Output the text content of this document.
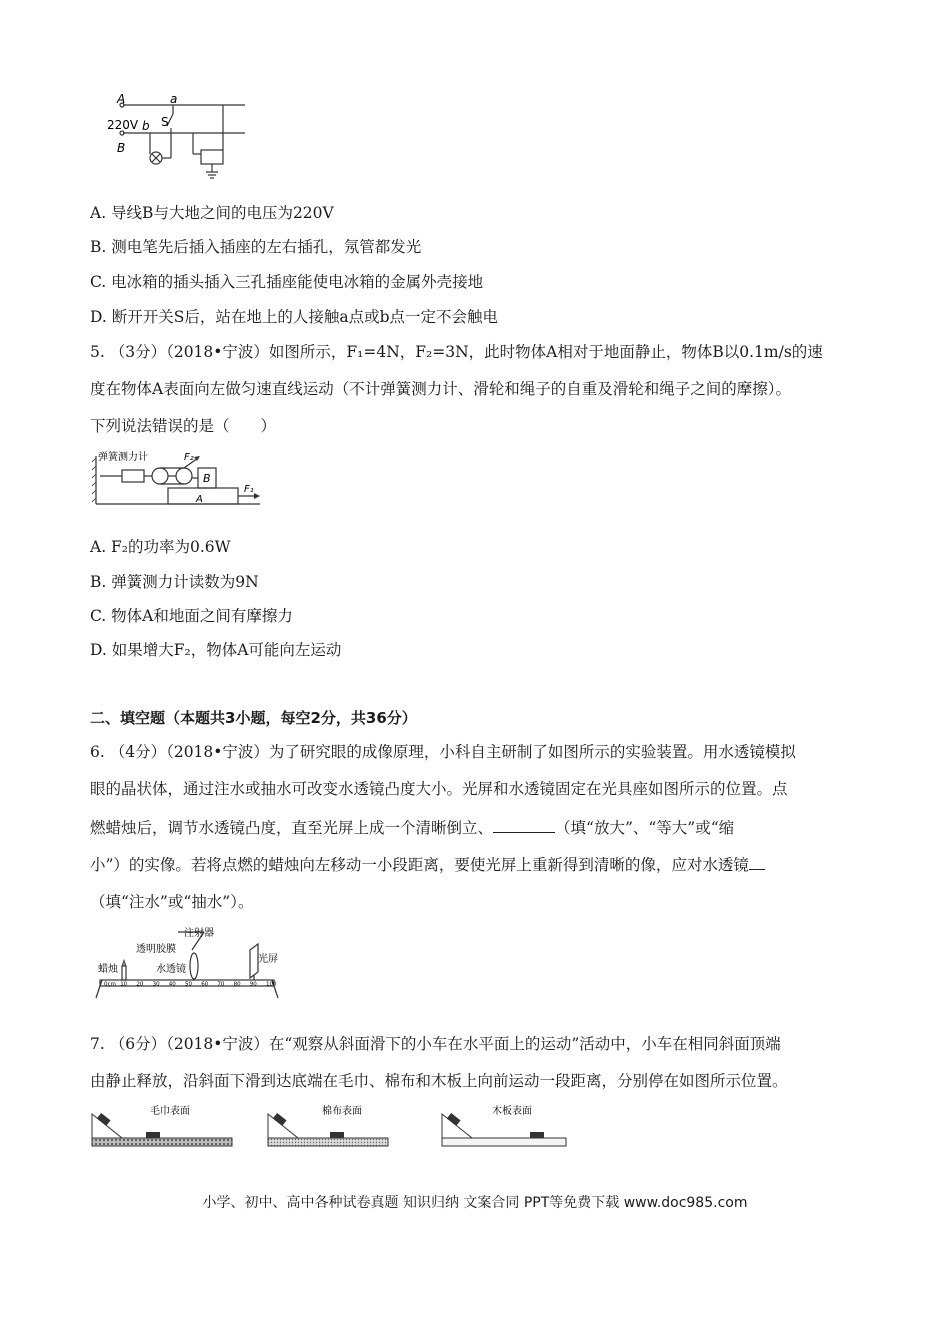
A	a
220V b S
B
A. 导线B与大地之间的电压为220V
B. 测电笔先后插入插座的左右插孔，氖管都发光
C. 电冰箱的插头插入三孔插座能使电冰箱的金属外壳接地
D. 断开开关S后，站在地上的人接触a点或b点一定不会触电
5. （3分）（2018•宁波）如图所示，F₁=4N，F₂=3N，此时物体A相对于地面静止，物体B以0.1m/s的速
度在物体A表面向左做匀速直线运动（不计弹簧测力计、滑轮和绳子的自重及滑轮和绳子之间的摩擦）。
下列说法错误的是（　　）
弹簧测力计	F₂
B
A
F₁
A. F₂的功率为0.6W
B. 弹簧测力计读数为9N
C. 物体A和地面之间有摩擦力
D. 如果增大F₂，物体A可能向左运动
二、填空题（本题共3小题，每空2分，共36分）
6. （4分）（2018•宁波）为了研究眼的成像原理，小科自主研制了如图所示的实验装置。用水透镜模拟
眼的晶状体，通过注水或抽水可改变水透镜凸度大小。光屏和水透镜固定在光具座如图所示的位置。点
燃蜡烛后，调节水透镜凸度，直至光屏上成一个清晰倒立、	（填“放大”、“等大”或“缩
小”）的实像。若将点燃的蜡烛向左移动一小段距离，要使光屏上重新得到清晰的像，应对水透镜
（填“注水”或“抽水”）。
注射器
透明胶膜
蜡烛	水透镜
光屏
0cm 10 20 30 40 50 60 70 80 90 100
7. （6分）（2018•宁波）在“观察从斜面滑下的小车在水平面上的运动”活动中，小车在相同斜面顶端
由静止释放，沿斜面下滑到达底端在毛巾、棉布和木板上向前运动一段距离，分别停在如图所示位置。
毛巾表面	棉布表面	木板表面
小学、初中、高中各种试卷真题 知识归纳 文案合同 PPT等免费下载 www.doc985.com
